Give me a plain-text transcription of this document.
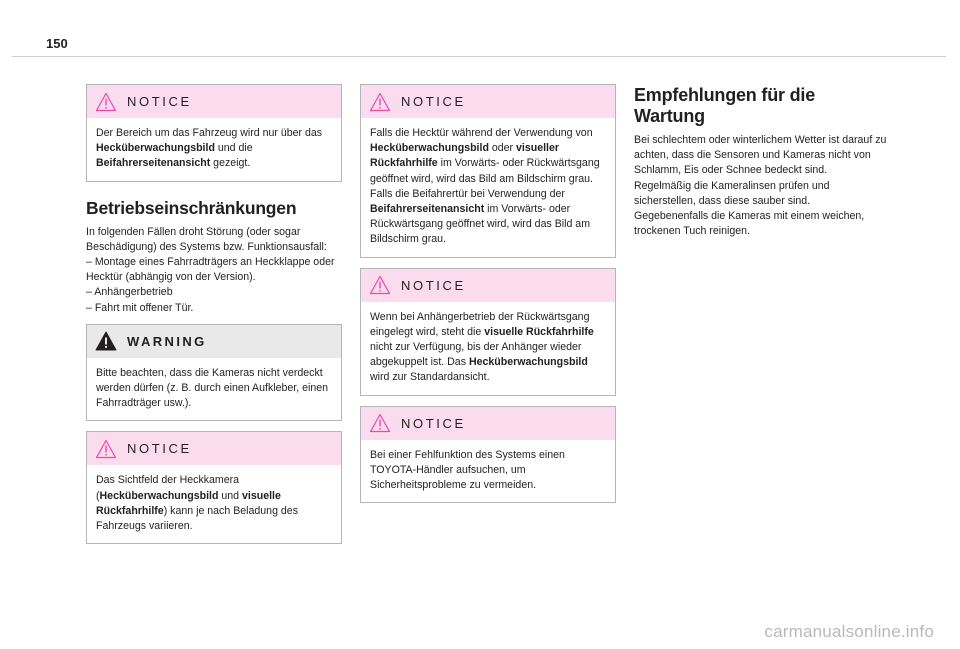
150
NOTICE
Der Bereich um das Fahrzeug wird nur über das Hecküberwachungsbild und die Beifahrerseitenansicht gezeigt.
Betriebseinschränkungen
In folgenden Fällen droht Störung (oder sogar Beschädigung) des Systems bzw. Funktionsausfall:
– Montage eines Fahrradträgers an Heckklappe oder Hecktür (abhängig von der Version).
– Anhängerbetrieb
– Fahrt mit offener Tür.
WARNING
Bitte beachten, dass die Kameras nicht verdeckt werden dürfen (z. B. durch einen Aufkleber, einen Fahrradträger usw.).
NOTICE
Das Sichtfeld der Heckkamera (Hecküberwachungsbild und visuelle Rückfahrhilfe) kann je nach Beladung des Fahrzeugs variieren.
NOTICE
Falls die Hecktür während der Verwendung von Hecküberwachungsbild oder visueller Rückfahrhilfe im Vorwärts- oder Rückwärtsgang geöffnet wird, wird das Bild am Bildschirm grau. Falls die Beifahrertür bei Verwendung der Beifahrerseitenansicht im Vorwärts- oder Rückwärtsgang geöffnet wird, wird das Bild am Bildschirm grau.
NOTICE
Wenn bei Anhängerbetrieb der Rückwärtsgang eingelegt wird, steht die visuelle Rückfahrhilfe nicht zur Verfügung, bis der Anhänger wieder abgekuppelt ist. Das Hecküberwachungsbild wird zur Standardansicht.
NOTICE
Bei einer Fehlfunktion des Systems einen TOYOTA-Händler aufsuchen, um Sicherheitsprobleme zu vermeiden.
Empfehlungen für die Wartung
Bei schlechtem oder winterlichem Wetter ist darauf zu achten, dass die Sensoren und Kameras nicht von Schlamm, Eis oder Schnee bedeckt sind.
Regelmäßig die Kameralinsen prüfen und sicherstellen, dass diese sauber sind.
Gegebenenfalls die Kameras mit einem weichen, trockenen Tuch reinigen.
carmanualsonline.info
